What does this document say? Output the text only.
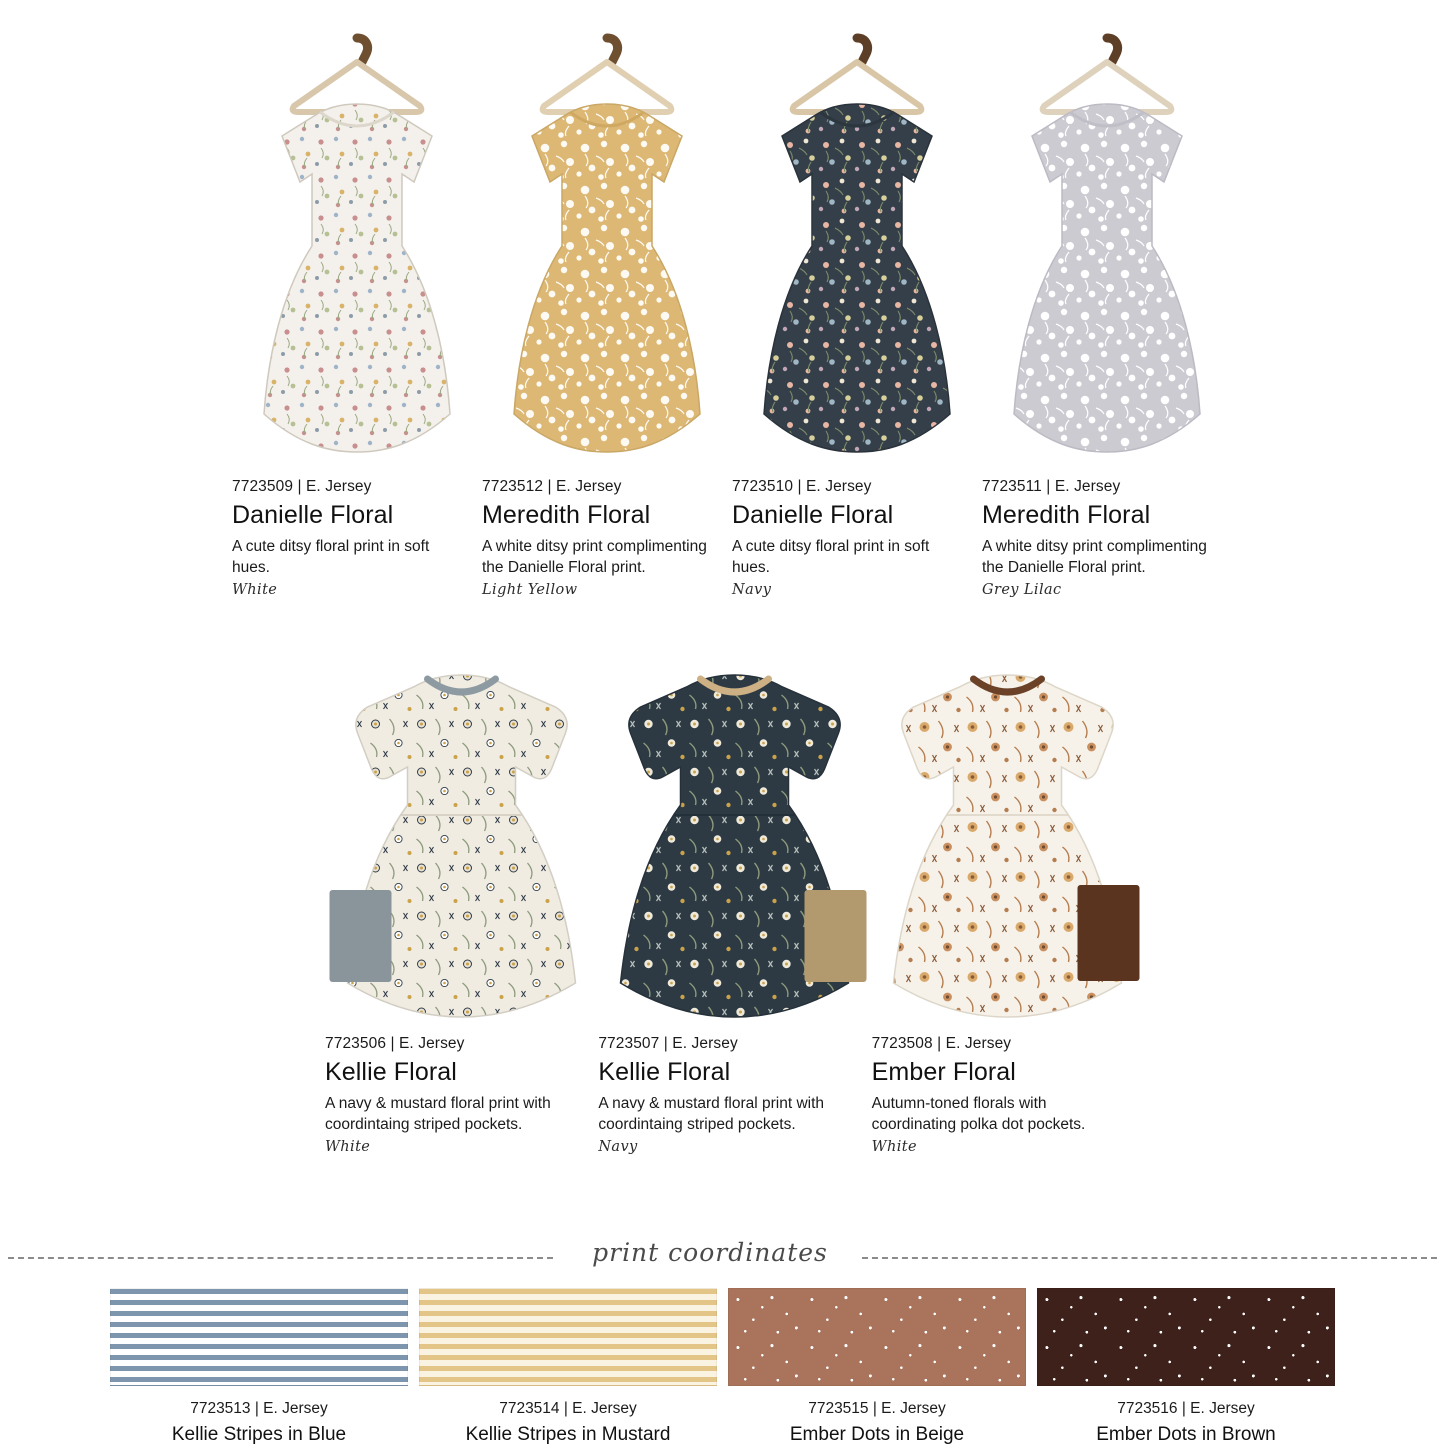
7723509 | E. Jersey
Danielle Floral
A cute ditsy floral print in soft hues.
White
7723512 | E. Jersey
Meredith Floral
A white ditsy print complimenting the Danielle Floral print.
Light Yellow
7723510 | E. Jersey
Danielle Floral
A cute ditsy floral print in soft hues.
Navy
7723511 | E. Jersey
Meredith Floral
A white ditsy print complimenting the Danielle Floral print.
Grey Lilac
7723506 | E. Jersey
Kellie Floral
A navy & mustard floral print with coordintaing striped pockets.
White
7723507 | E. Jersey
Kellie Floral
A navy & mustard floral print with coordintaing striped pockets.
Navy
7723508 | E. Jersey
Ember Floral
Autumn-toned florals with coordinating polka dot pockets.
White
print coordinates
7723513 | E. Jersey
Kellie Stripes in Blue
7723514 | E. Jersey
Kellie Stripes in Mustard
7723515 | E. Jersey
Ember Dots in Beige
7723516 | E. Jersey
Ember Dots in Brown
